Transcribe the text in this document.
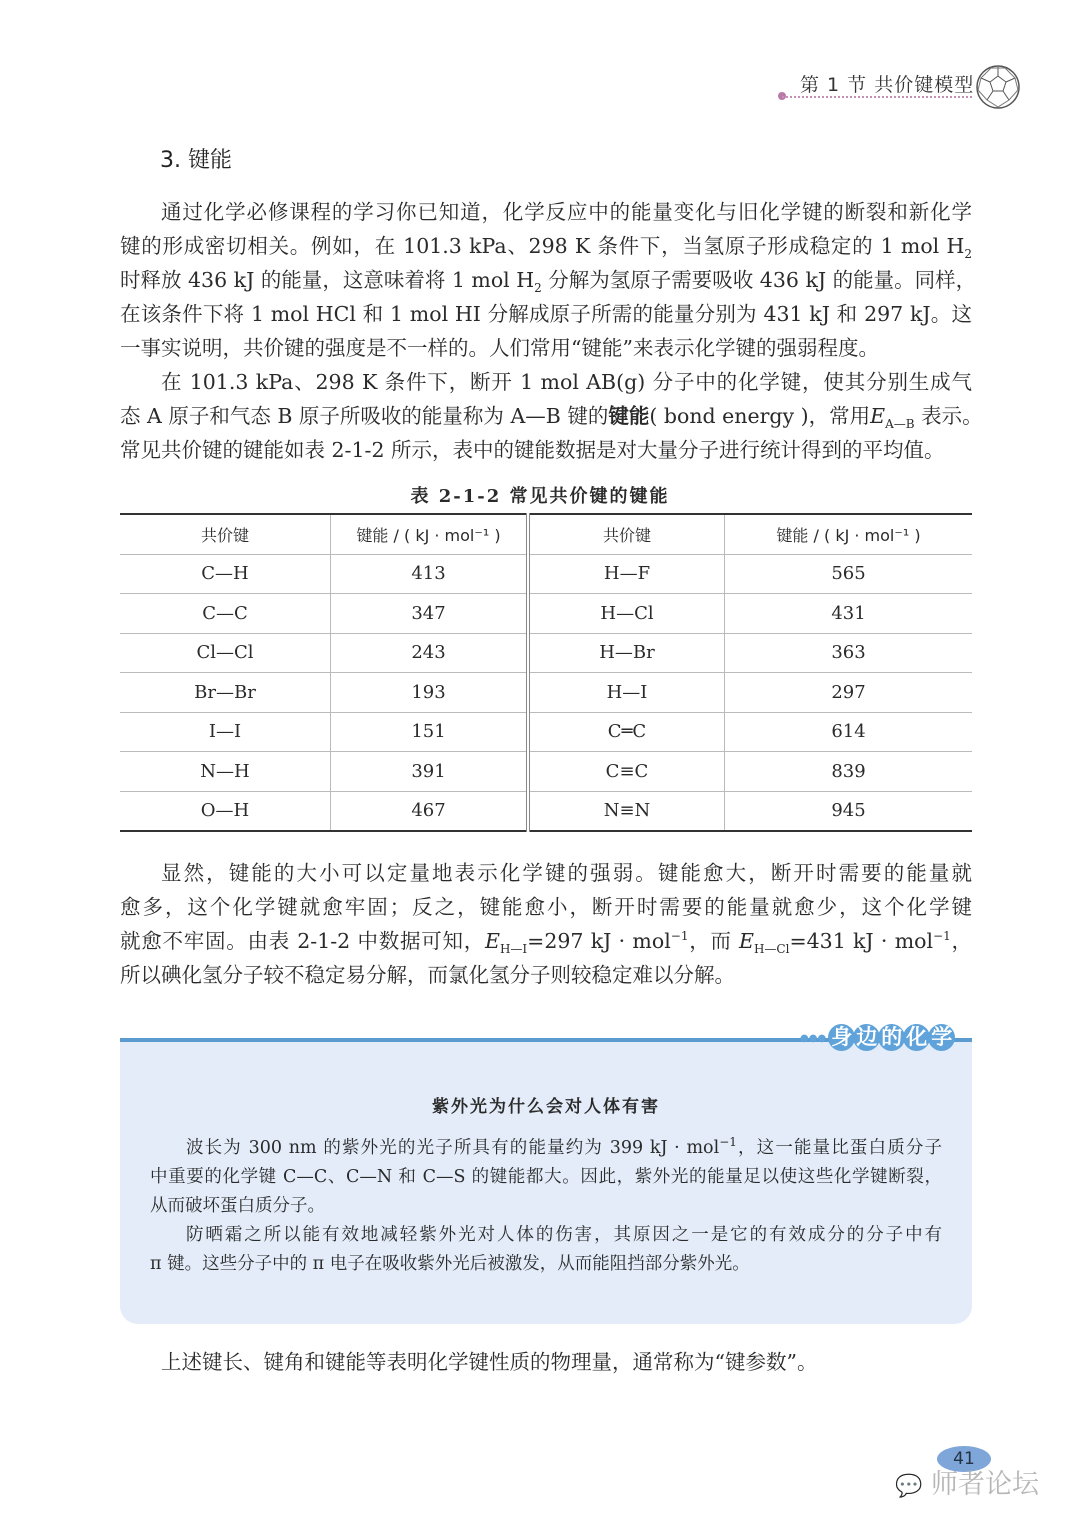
第 1 节 共价键模型
3. 键能
通过化学必修课程的学习你已知道，化学反应中的能量变化与旧化学键的断裂和新化学
键的形成密切相关。例如，在 101.3 kPa、298 K 条件下，当氢原子形成稳定的 1 mol $H_2$
时释放 436 kJ 的能量，这意味着将 1 mol $H_2$ 分解为氢原子需要吸收 436 kJ 的能量。同样，
在该条件下将 1 mol HCl 和 1 mol HI 分解成原子所需的能量分别为 431 kJ 和 297 kJ。这
一事实说明，共价键的强度是不一样的。人们常用“键能”来表示化学键的强弱程度。
在 101.3 kPa、298 K 条件下，断开 1 mol AB(g) 分子中的化学键，使其分别生成气
态 A 原子和气态 B 原子所吸收的能量称为 A—B 键的键能( bond energy )，常用$E_{A—B}$ 表示。
常见共价键的键能如表 2-1-2 所示，表中的键能数据是对大量分子进行统计得到的平均值。
表 2-1-2 常见共价键的键能
共价键	键能 / ( kJ · mol⁻¹ )	共价键	键能 / ( kJ · mol⁻¹ )
C—H	413	H—F	565
C—C	347	H—Cl	431
Cl—Cl	243	H—Br	363
Br—Br	193	H—I	297
I—I	151	C═C	614
N—H	391	C≡C	839
O—H	467	N≡N	945
显然，键能的大小可以定量地表示化学键的强弱。键能愈大，断开时需要的能量就
愈多，这个化学键就愈牢固；反之，键能愈小，断开时需要的能量就愈少，这个化学键
就愈不牢固。由表 2-1-2 中数据可知，$E_{H—I}=297$ kJ · mol$^{-1}$，而 $E_{H—Cl}=431$ kJ · mol$^{-1}$，
所以碘化氢分子较不稳定易分解，而氯化氢分子则较稳定难以分解。
紫外光为什么会对人体有害
波长为 300 nm 的紫外光的光子所具有的能量约为 399 kJ · mol$^{-1}$，这一能量比蛋白质分子
中重要的化学键 C—C、C—N 和 C—S 的键能都大。因此，紫外光的能量足以使这些化学键断裂，
从而破坏蛋白质分子。
防晒霜之所以能有效地减轻紫外光对人体的伤害，其原因之一是它的有效成分的分子中有
π 键。这些分子中的 π 电子在吸收紫外光后被激发，从而能阻挡部分紫外光。
●●● 身 边 的 化 学
上述键长、键角和键能等表明化学键性质的物理量，通常称为“键参数”。
41
💬 师者论坛
